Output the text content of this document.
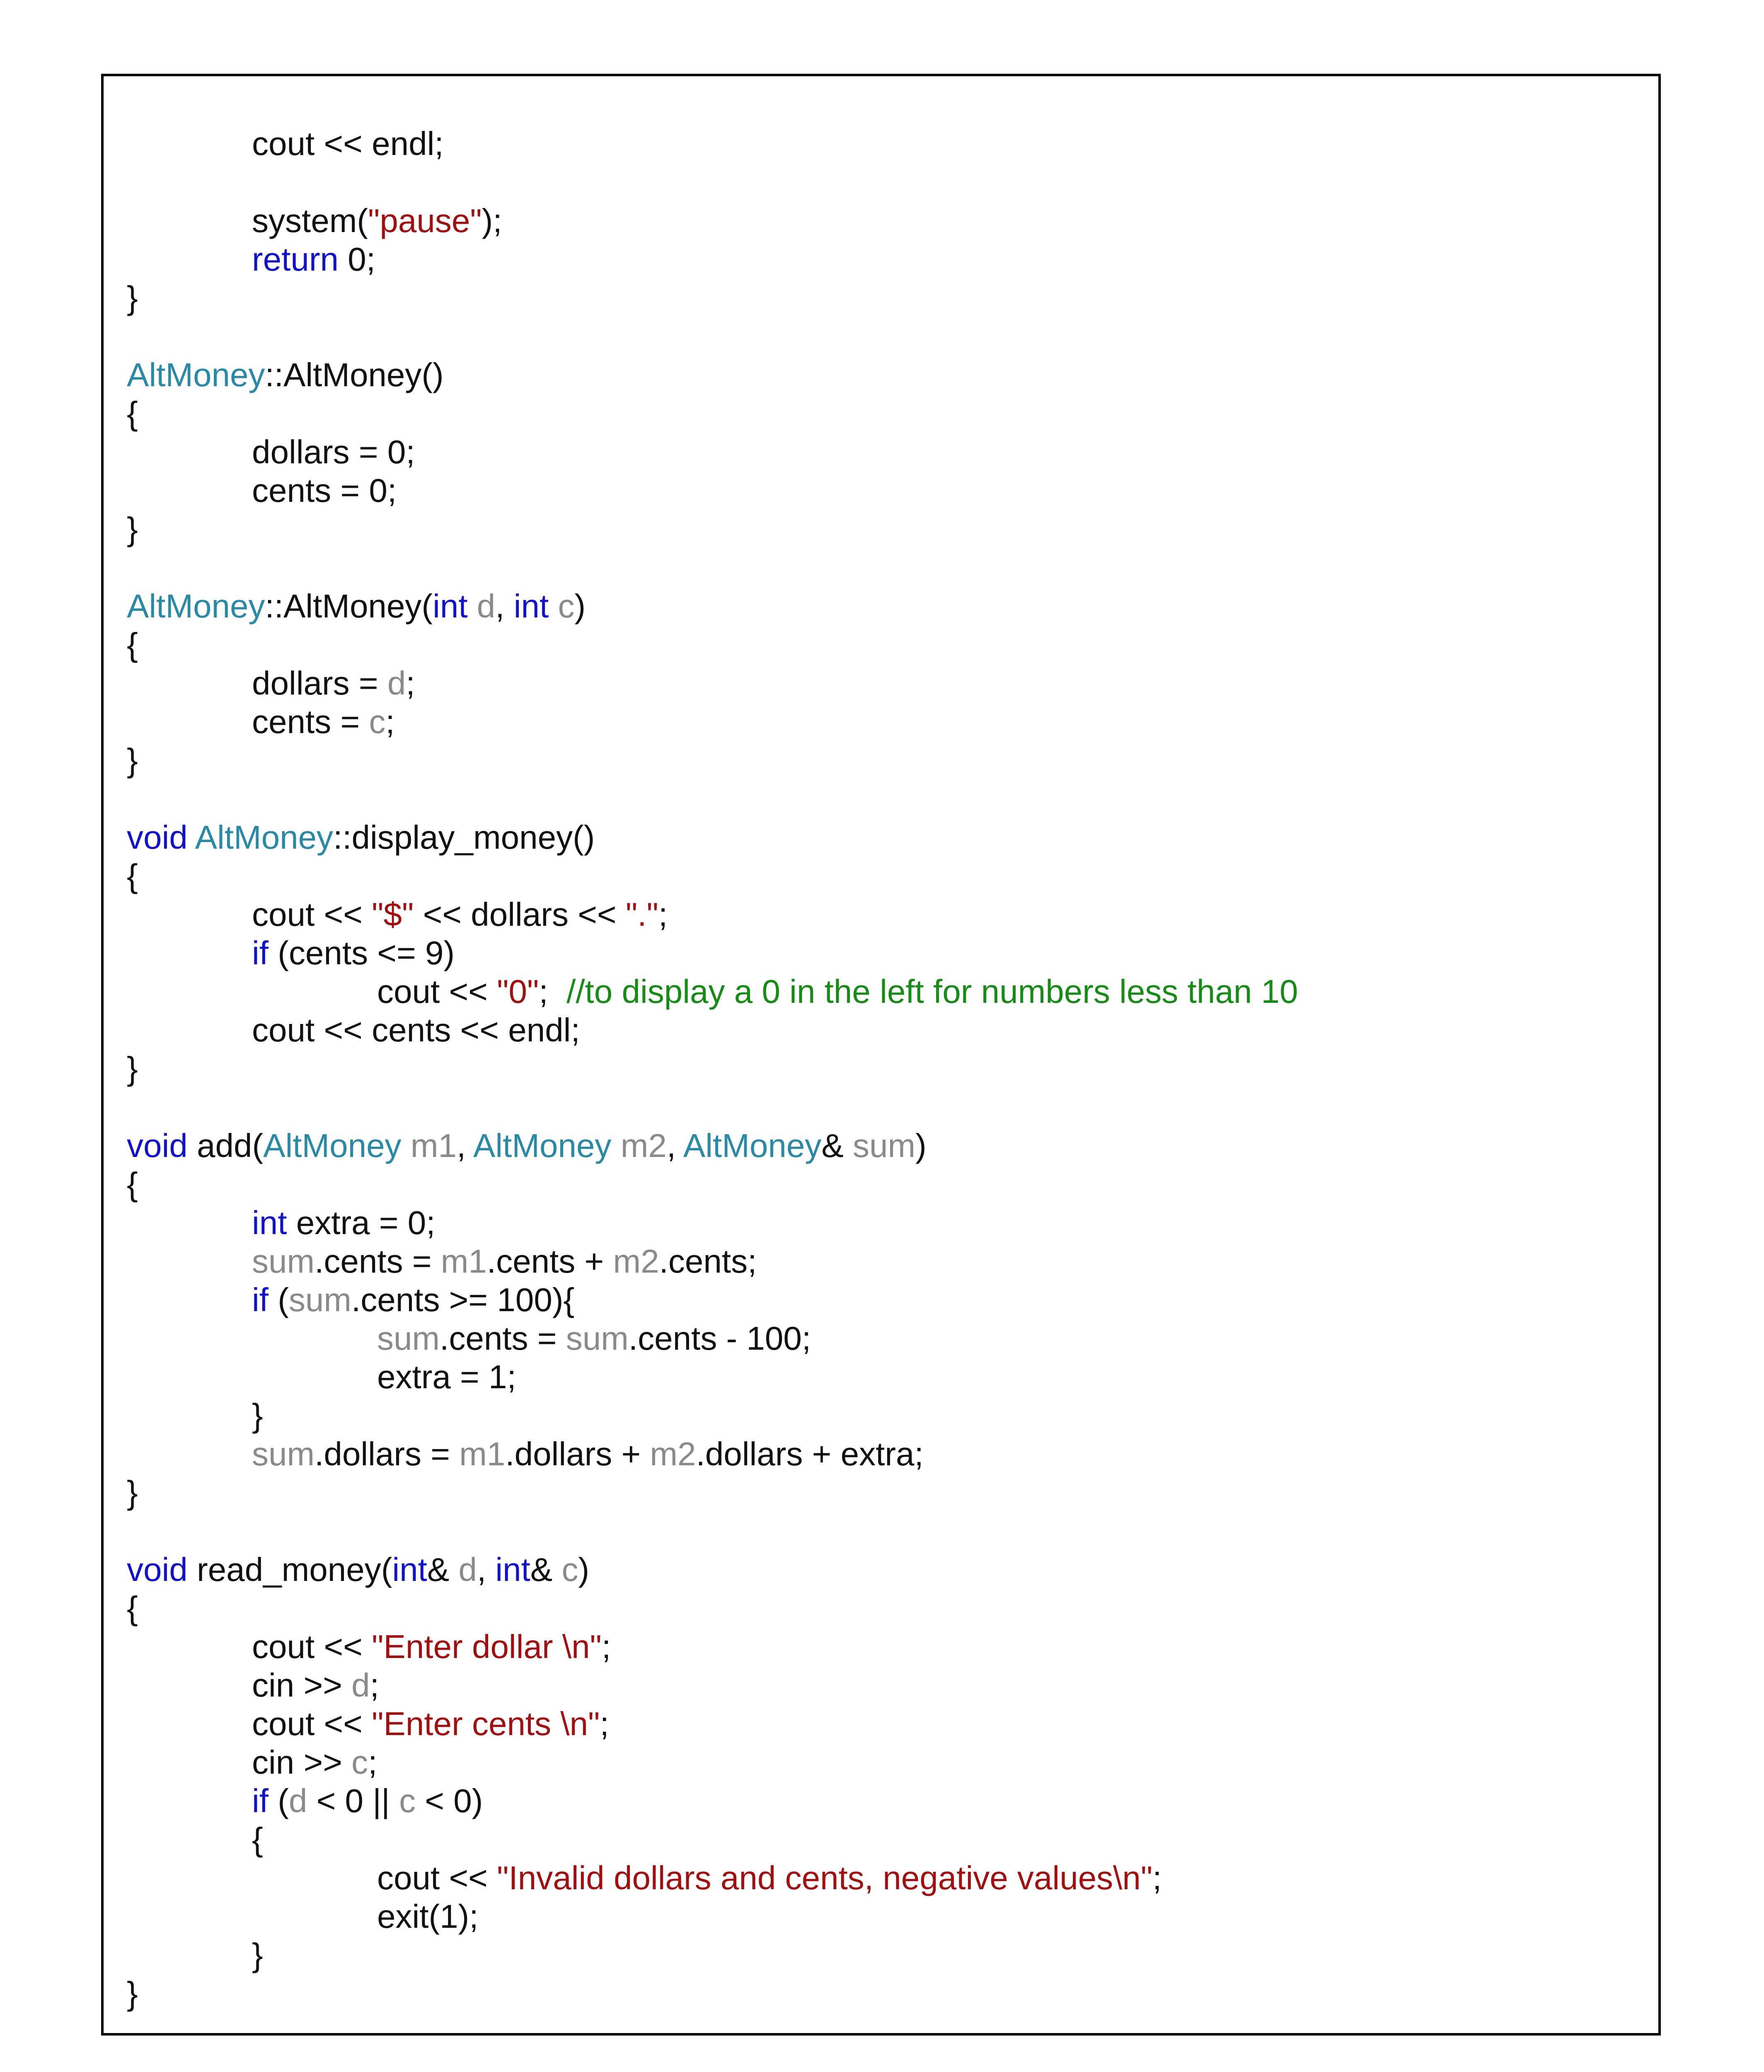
cout << endl;
system("pause");
return 0;
}
AltMoney::AltMoney()
{
dollars = 0;
cents = 0;
}
AltMoney::AltMoney(int d, int c)
{
dollars = d;
cents = c;
}
void AltMoney::display_money()
{
cout << "$" << dollars << ".";
if (cents <= 9)
cout << "0";  //to display a 0 in the left for numbers less than 10
cout << cents << endl;
}
void add(AltMoney m1, AltMoney m2, AltMoney& sum)
{
int extra = 0;
sum.cents = m1.cents + m2.cents;
if (sum.cents >= 100){
sum.cents = sum.cents - 100;
extra = 1;
}
sum.dollars = m1.dollars + m2.dollars + extra;
}
void read_money(int& d, int& c)
{
cout << "Enter dollar \n";
cin >> d;
cout << "Enter cents \n";
cin >> c;
if (d < 0 || c < 0)
{
cout << "Invalid dollars and cents, negative values\n";
exit(1);
}
}
